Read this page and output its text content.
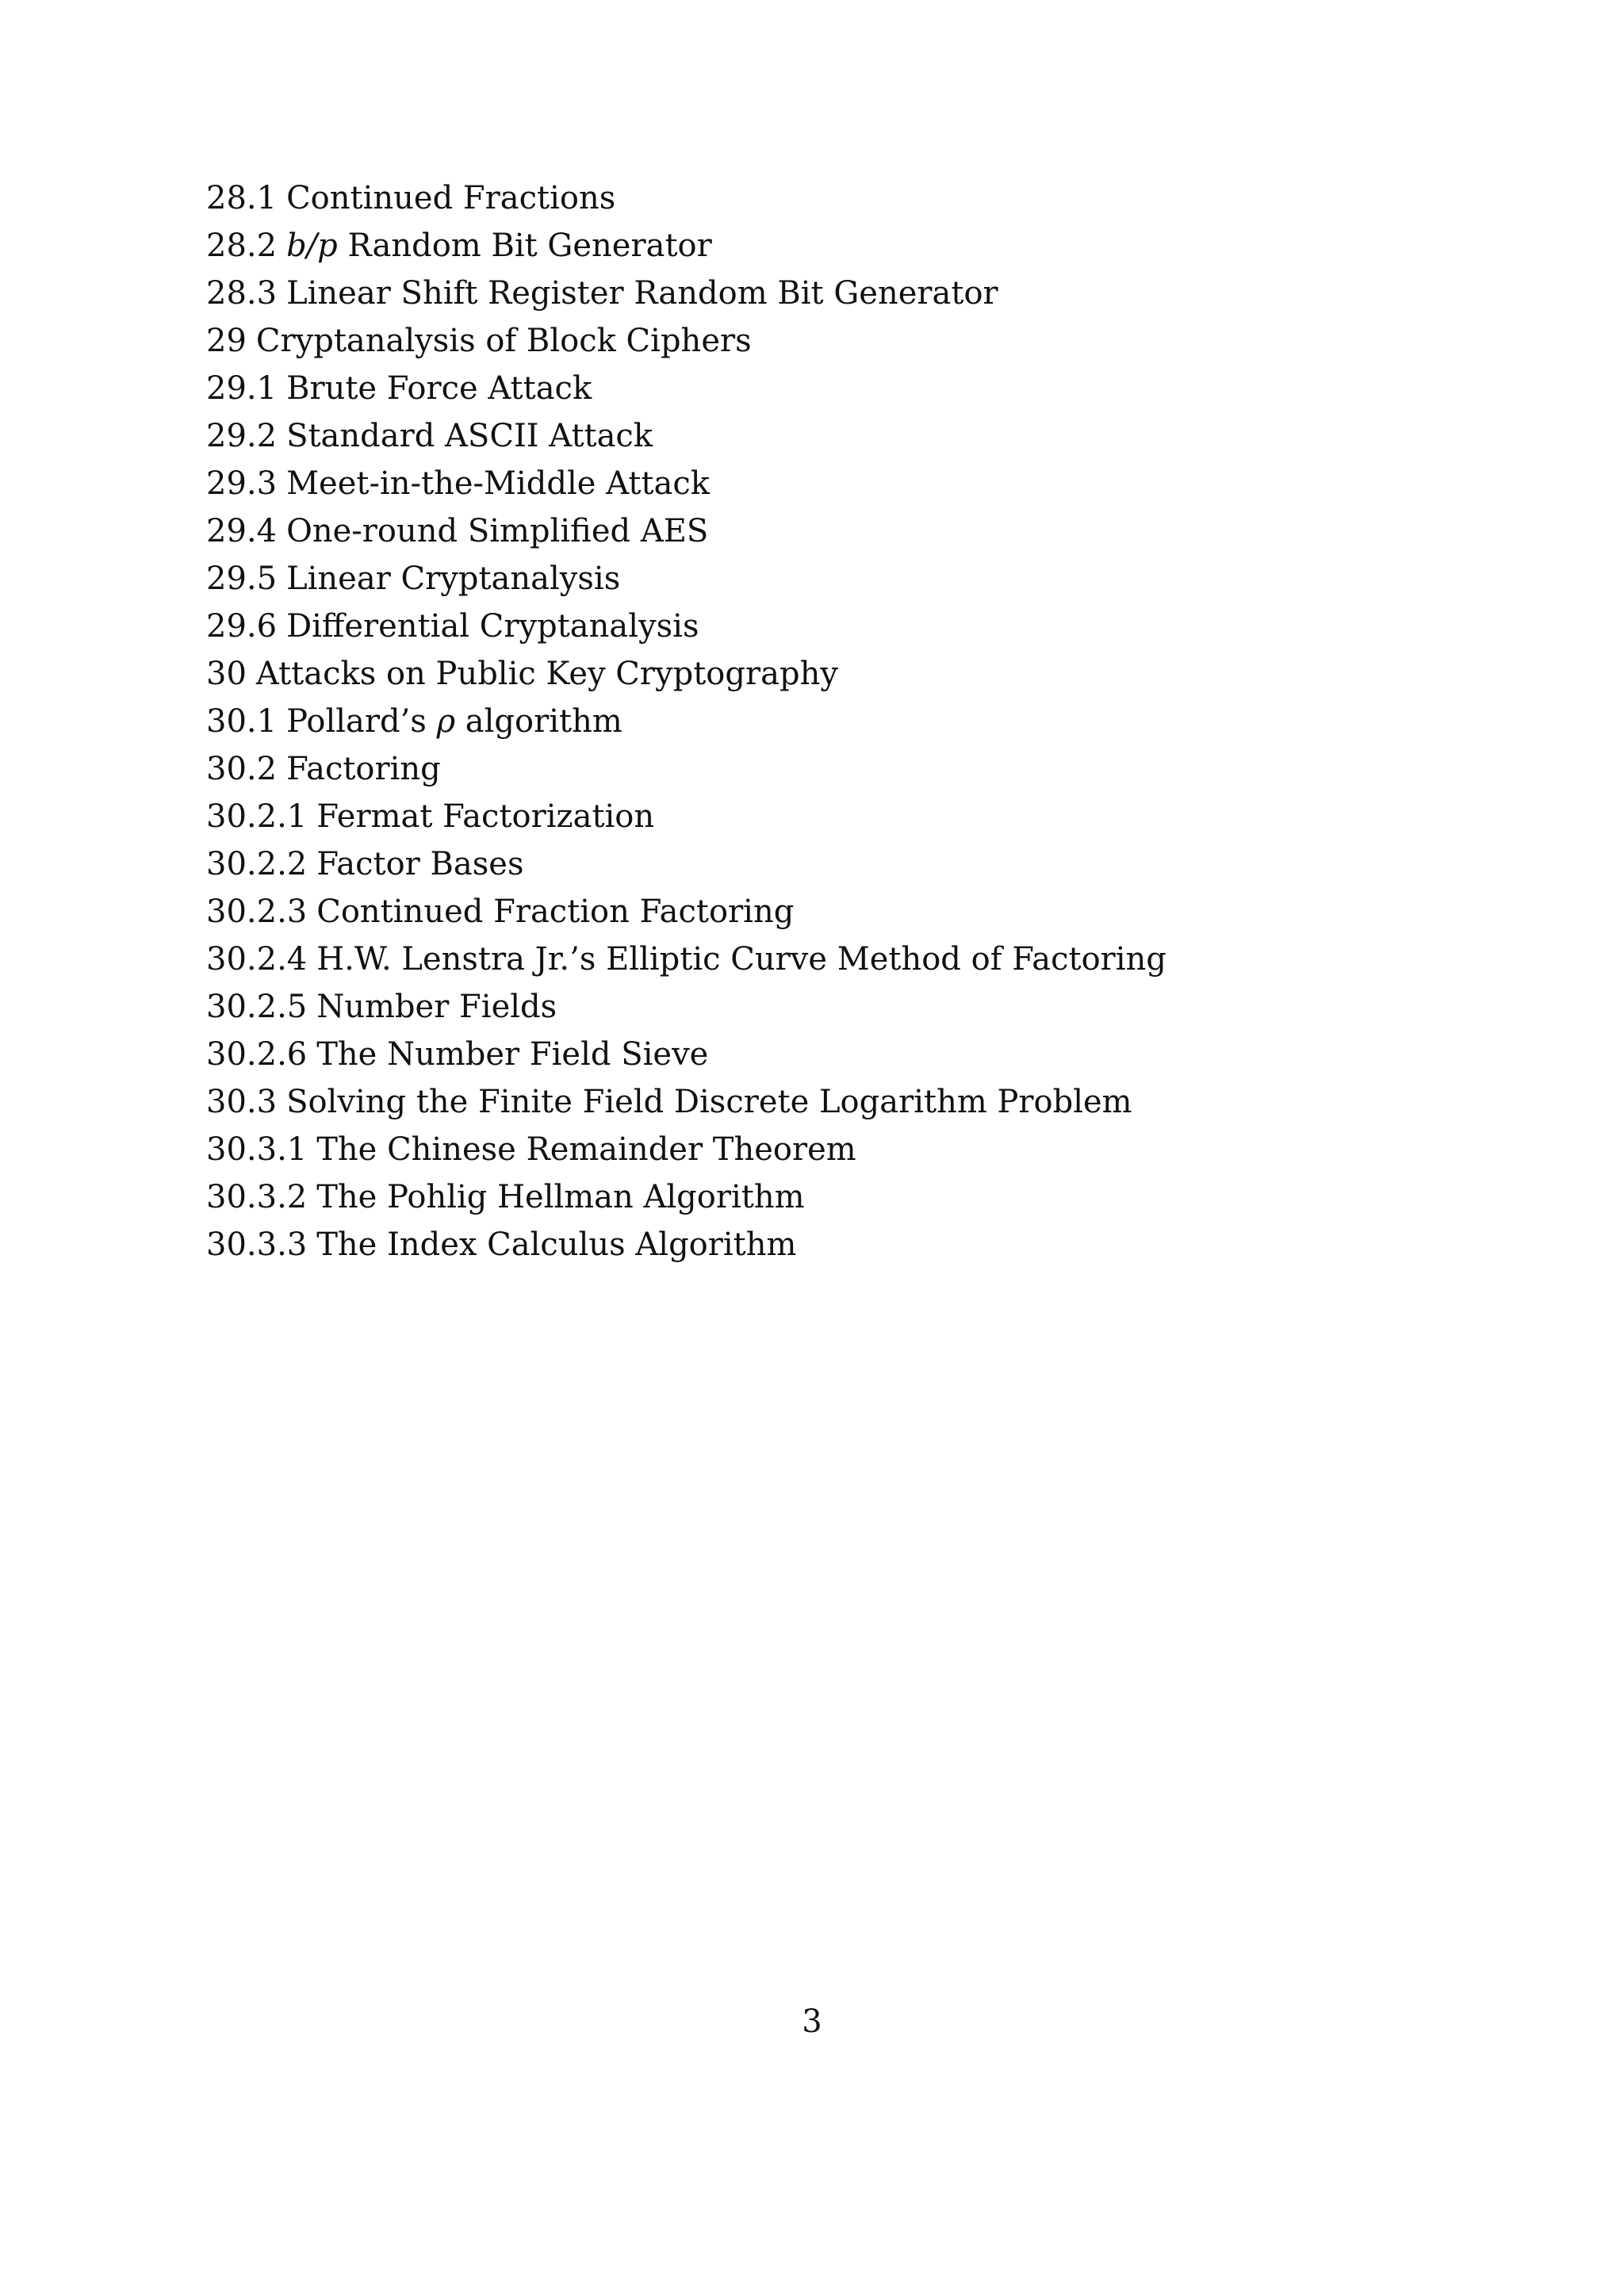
28.1 Continued Fractions
28.2 b/p Random Bit Generator
28.3 Linear Shift Register Random Bit Generator
29 Cryptanalysis of Block Ciphers
29.1 Brute Force Attack
29.2 Standard ASCII Attack
29.3 Meet-in-the-Middle Attack
29.4 One-round Simplified AES
29.5 Linear Cryptanalysis
29.6 Differential Cryptanalysis
30 Attacks on Public Key Cryptography
30.1 Pollard’s ρ algorithm
30.2 Factoring
30.2.1 Fermat Factorization
30.2.2 Factor Bases
30.2.3 Continued Fraction Factoring
30.2.4 H.W. Lenstra Jr.’s Elliptic Curve Method of Factoring
30.2.5 Number Fields
30.2.6 The Number Field Sieve
30.3 Solving the Finite Field Discrete Logarithm Problem
30.3.1 The Chinese Remainder Theorem
30.3.2 The Pohlig Hellman Algorithm
30.3.3 The Index Calculus Algorithm
3
